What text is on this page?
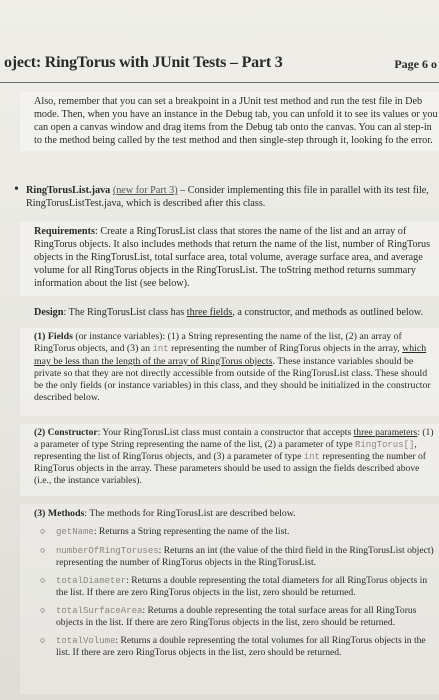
oject: RingTorus with JUnit Tests – Part 3	Page 6 o
Also, remember that you can set a breakpoint in a JUnit test method and run the test file in Deb mode. Then, when you have an instance in the Debug tab, you can unfold it to see its values or you can open a canvas window and drag items from the Debug tab onto the canvas. You can al step-in to the method being called by the test method and then single-step through it, looking fo the error.
• RingTorusList.java (new for Part 3) – Consider implementing this file in parallel with its test file, RingTorusListTest.java, which is described after this class.
Requirements: Create a RingTorusList class that stores the name of the list and an array of RingTorus objects. It also includes methods that return the name of the list, number of RingTorus objects in the RingTorusList, total surface area, total volume, average surface area, and average volume for all RingTorus objects in the RingTorusList. The toString method returns summary information about the list (see below).
Design: The RingTorusList class has three fields, a constructor, and methods as outlined below.
(1) Fields (or instance variables): (1) a String representing the name of the list, (2) an array of RingTorus objects, and (3) an int representing the number of RingTorus objects in the array, which may be less than the length of the array of RingTorus objects. These instance variables should be private so that they are not directly accessible from outside of the RingTorusList class. These should be the only fields (or instance variables) in this class, and they should be initialized in the constructor described below.
(2) Constructor: Your RingTorusList class must contain a constructor that accepts three parameters: (1) a parameter of type String representing the name of the list, (2) a parameter of type RingTorus[], representing the list of RingTorus objects, and (3) a parameter of type int representing the number of RingTorus objects in the array. These parameters should be used to assign the fields described above (i.e., the instance variables).
(3) Methods: The methods for RingTorusList are described below.
○ getName: Returns a String representing the name of the list.
○ numberOfRingToruses: Returns an int (the value of the third field in the RingTorusList object) representing the number of RingTorus objects in the RingTorusList.
○ totalDiameter: Returns a double representing the total diameters for all RingTorus objects in the list. If there are zero RingTorus objects in the list, zero should be returned.
○ totalSurfaceArea: Returns a double representing the total surface areas for all RingTorus objects in the list. If there are zero RingTorus objects in the list, zero should be returned.
○ totalVolume: Returns a double representing the total volumes for all RingTorus objects in the list. If there are zero RingTorus objects in the list, zero should be returned.
